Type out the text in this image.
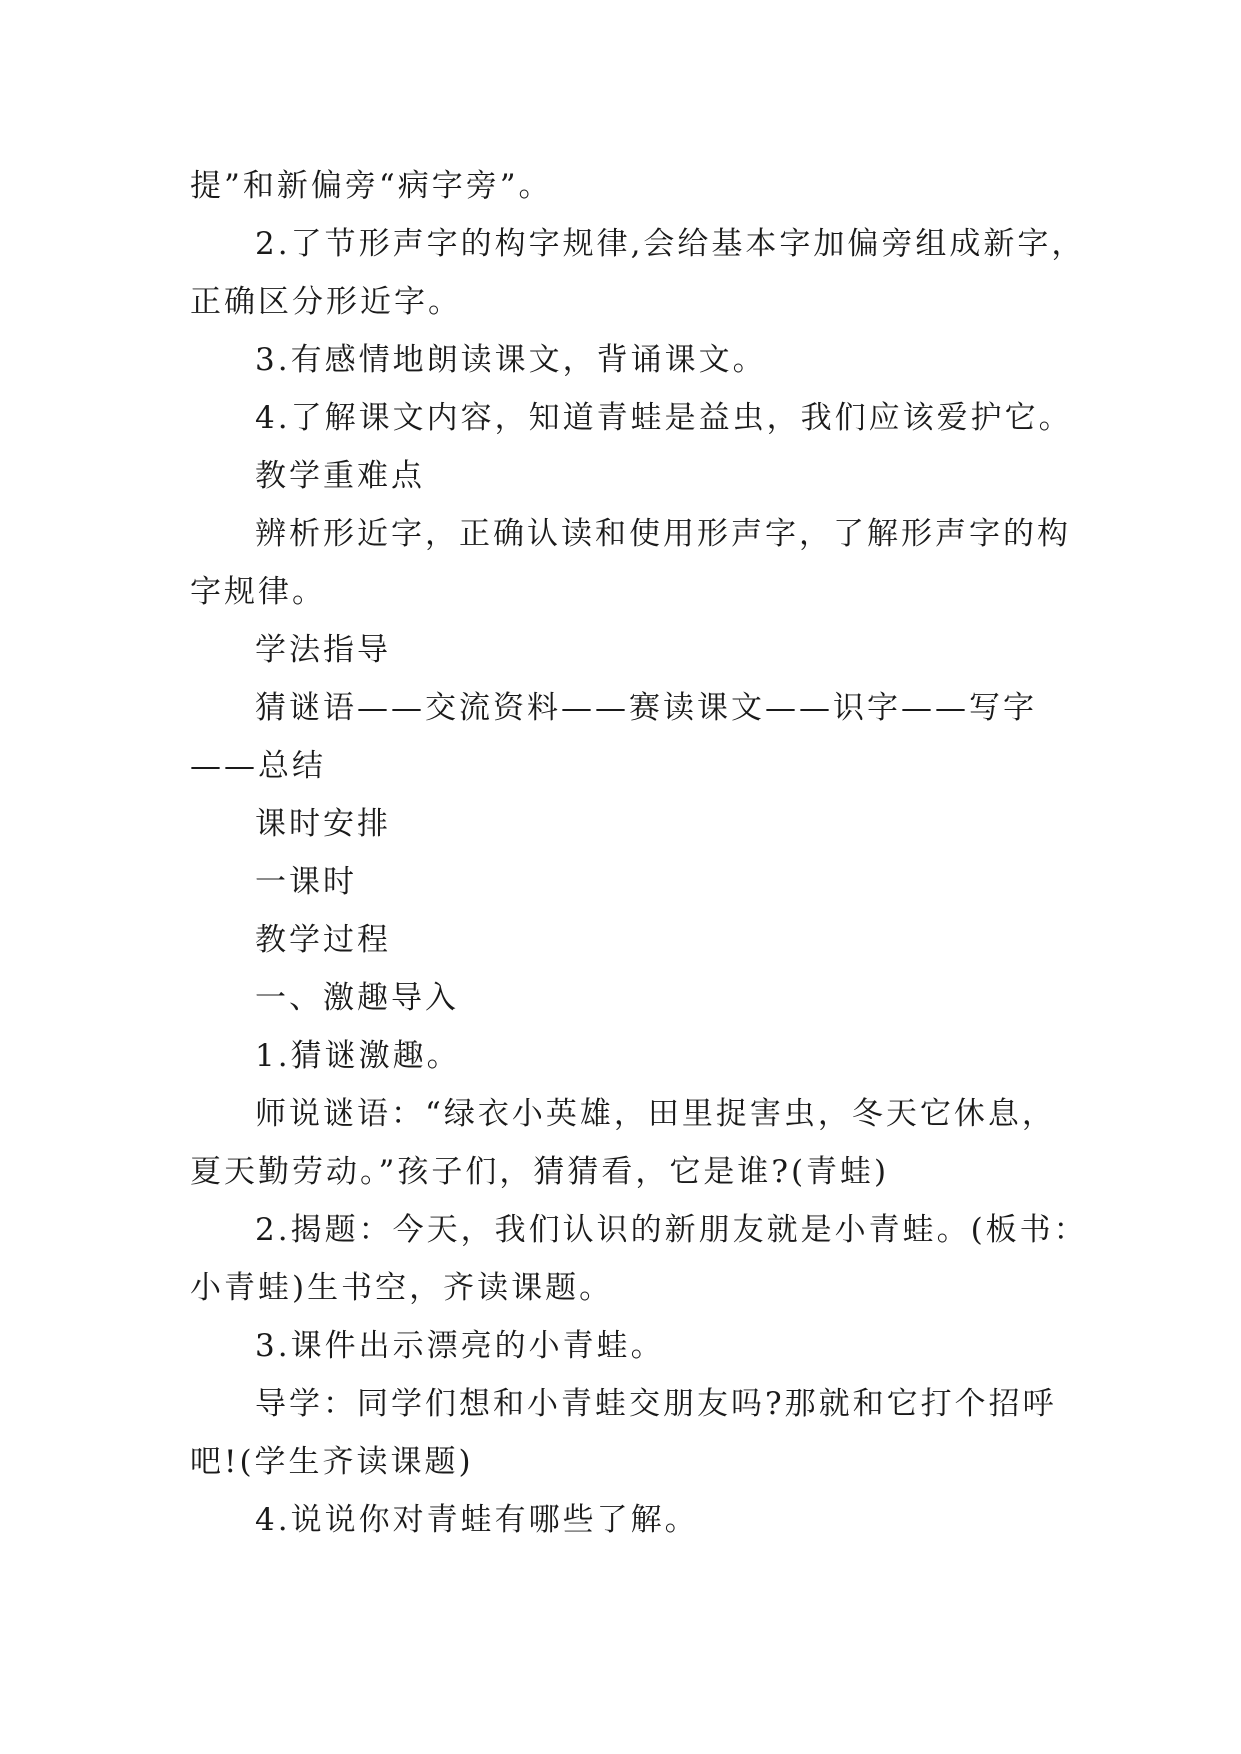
提”和新偏旁“病字旁”。
2.了节形声字的构字规律,会给基本字加偏旁组成新字，
正确区分形近字。
3.有感情地朗读课文，背诵课文。
4.了解课文内容，知道青蛙是益虫，我们应该爱护它。
教学重难点
辨析形近字，正确认读和使用形声字，了解形声字的构
字规律。
学法指导
猜谜语——交流资料——赛读课文——识字——写字
——总结
课时安排
一课时
教学过程
一、激趣导入
1.猜谜激趣。
师说谜语：“绿衣小英雄，田里捉害虫，冬天它休息，
夏天勤劳动。”孩子们，猜猜看，它是谁?(青蛙)
2.揭题：今天，我们认识的新朋友就是小青蛙。(板书：
小青蛙)生书空，齐读课题。
3.课件出示漂亮的小青蛙。
导学：同学们想和小青蛙交朋友吗?那就和它打个招呼
吧!(学生齐读课题)
4.说说你对青蛙有哪些了解。
